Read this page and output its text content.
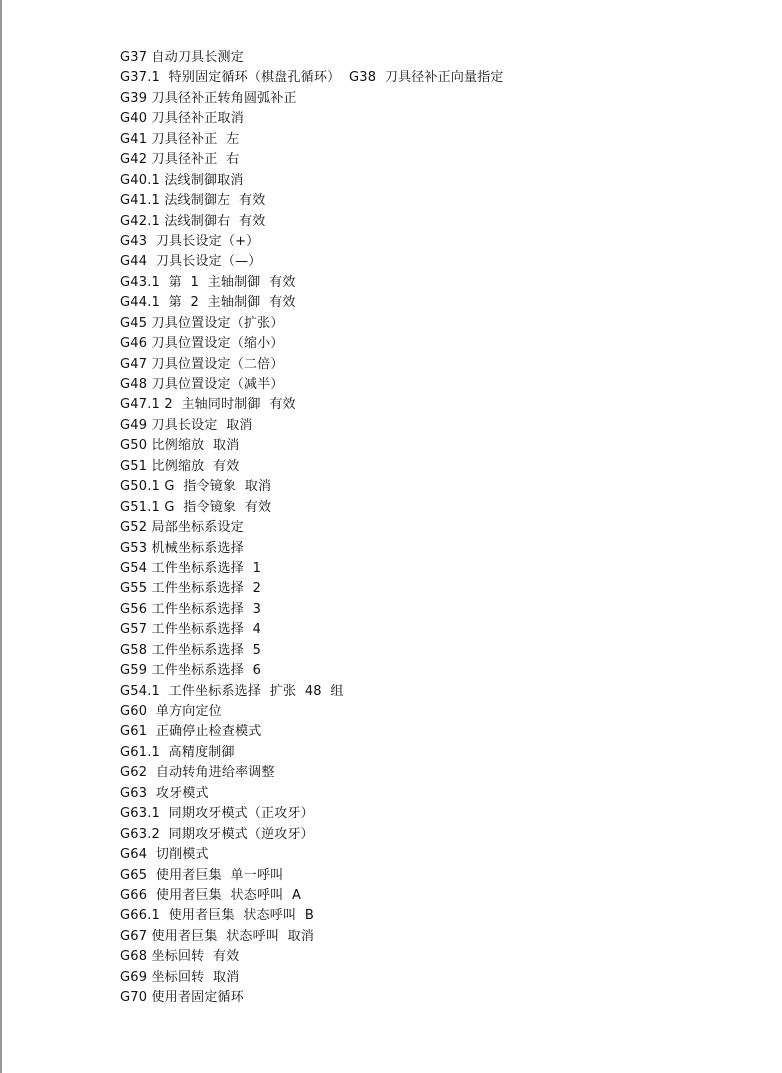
G37 自动刀具长测定
G37.1  特别固定循环（棋盘孔循环）  G38  刀具径补正向量指定
G39 刀具径补正转角圆弧补正
G40 刀具径补正取消
G41 刀具径补正  左
G42 刀具径补正  右
G40.1 法线制御取消
G41.1 法线制御左  有效
G42.1 法线制御右  有效
G43  刀具长设定（+）
G44  刀具长设定（—）
G43.1  第  1  主轴制御  有效
G44.1  第  2  主轴制御  有效
G45 刀具位置设定（扩张）
G46 刀具位置设定（缩小）
G47 刀具位置设定（二倍）
G48 刀具位置设定（减半）
G47.1 2  主轴同时制御  有效
G49 刀具长设定  取消
G50 比例缩放  取消
G51 比例缩放  有效
G50.1 G  指令镜象  取消
G51.1 G  指令镜象  有效
G52 局部坐标系设定
G53 机械坐标系选择
G54 工件坐标系选择  1
G55 工件坐标系选择  2
G56 工件坐标系选择  3
G57 工件坐标系选择  4
G58 工件坐标系选择  5
G59 工件坐标系选择  6
G54.1  工件坐标系选择  扩张  48  组
G60  单方向定位
G61  正确停止检查模式
G61.1  高精度制御
G62  自动转角进给率调整
G63  攻牙模式
G63.1  同期攻牙模式（正攻牙）
G63.2  同期攻牙模式（逆攻牙）
G64  切削模式
G65  使用者巨集  单一呼叫
G66  使用者巨集  状态呼叫  A
G66.1  使用者巨集  状态呼叫  B
G67 使用者巨集  状态呼叫  取消
G68 坐标回转  有效
G69 坐标回转  取消
G70 使用者固定循环
